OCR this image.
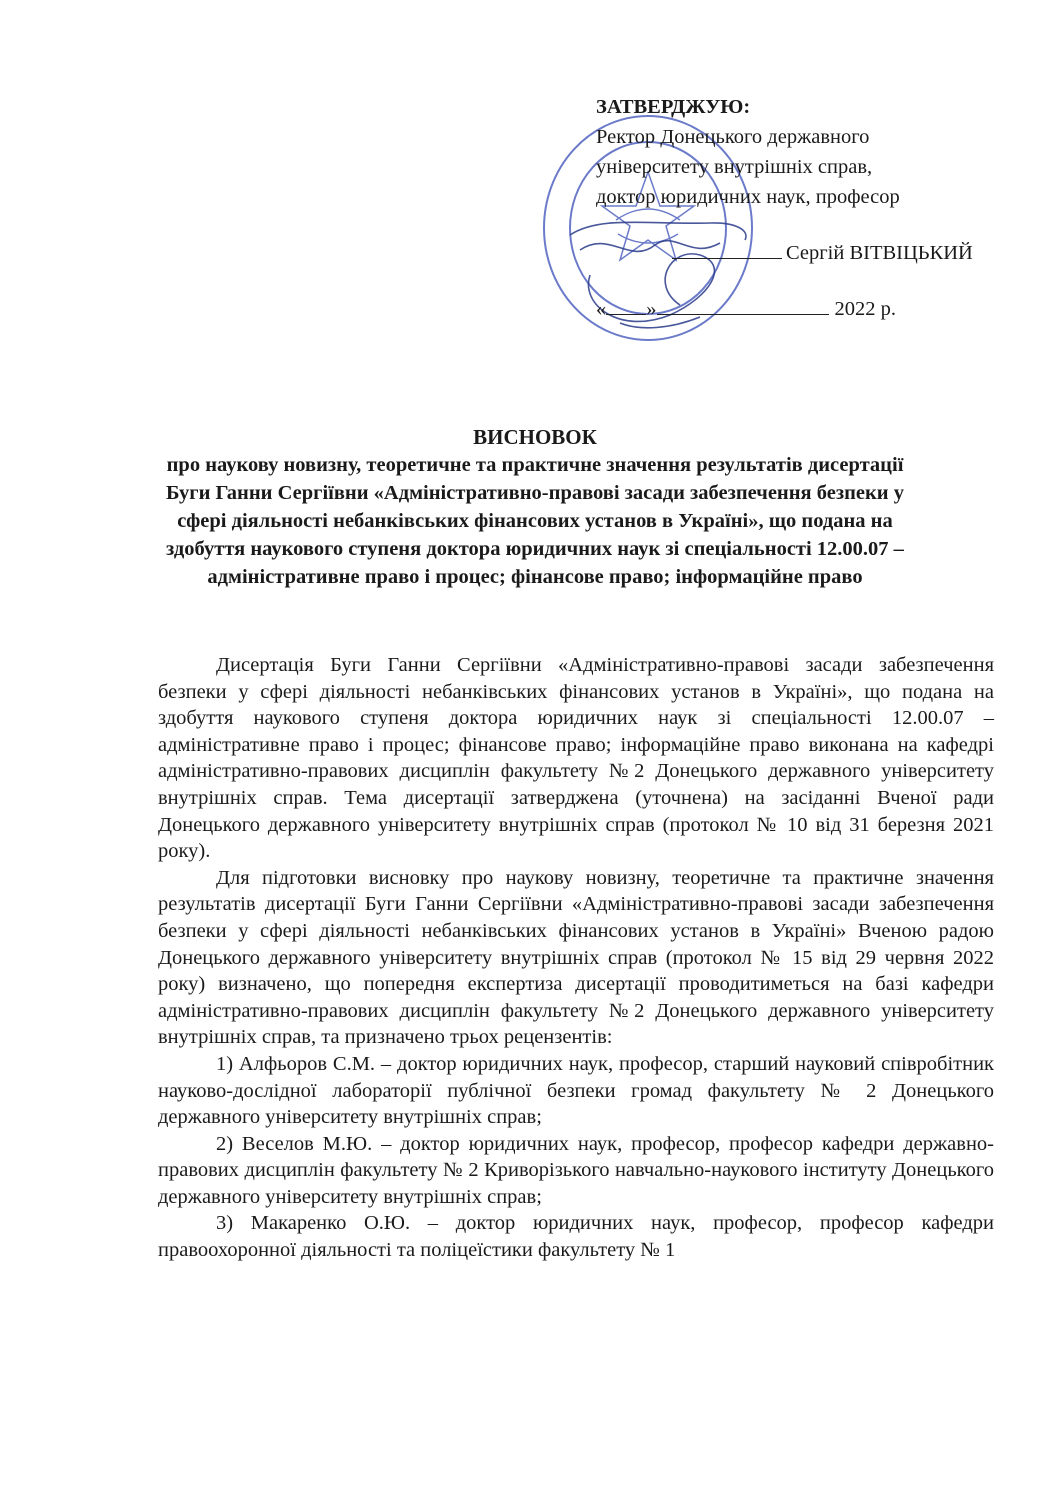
ЗАТВЕРДЖУЮ:
Ректор Донецького державного
університету внутрішніх справ,
доктор юридичних наук, професор
Сергій ВІТВІЦЬКИЙ
« »	2022 р.
ВИСНОВОК
про наукову новизну, теоретичне та практичне значення результатів дисертації Буги Ганни Сергіївни «Адміністративно-правові засади забезпечення безпеки у сфері діяльності небанківських фінансових установ в Україні», що подана на здобуття наукового ступеня доктора юридичних наук зі спеціальності 12.00.07 – адміністративне право і процес; фінансове право; інформаційне право

Дисертація Буги Ганни Сергіївни «Адміністративно-правові засади забезпечення безпеки у сфері діяльності небанківських фінансових установ в Україні», що подана на здобуття наукового ступеня доктора юридичних наук зі спеціальності 12.00.07 – адміністративне право і процес; фінансове право; інформаційне право виконана на кафедрі адміністративно-правових дисциплін факультету №2 Донецького державного університету внутрішніх справ. Тема дисертації затверджена (уточнена) на засіданні Вченої ради Донецького державного університету внутрішніх справ (протокол № 10 від 31 березня 2021 року).

Для підготовки висновку про наукову новизну, теоретичне та практичне значення результатів дисертації Буги Ганни Сергіївни «Адміністративно-правові засади забезпечення безпеки у сфері діяльності небанківських фінансових установ в Україні» Вченою радою Донецького державного університету внутрішніх справ (протокол № 15 від 29 червня 2022 року) визначено, що попередня експертиза дисертації проводитиметься на базі кафедри адміністративно-правових дисциплін факультету №2 Донецького державного університету внутрішніх справ, та призначено трьох рецензентів:

1) Алфьоров С.М. – доктор юридичних наук, професор, старший науковий співробітник науково-дослідної лабораторії публічної безпеки громад факультету № 2 Донецького державного університету внутрішніх справ;

2) Веселов М.Ю. – доктор юридичних наук, професор, професор кафедри державно-правових дисциплін факультету № 2 Криворізького навчально-наукового інституту Донецького державного університету внутрішніх справ;

3) Макаренко О.Ю. – доктор юридичних наук, професор, професор кафедри правоохоронної діяльності та поліцеїстики факультету № 1
